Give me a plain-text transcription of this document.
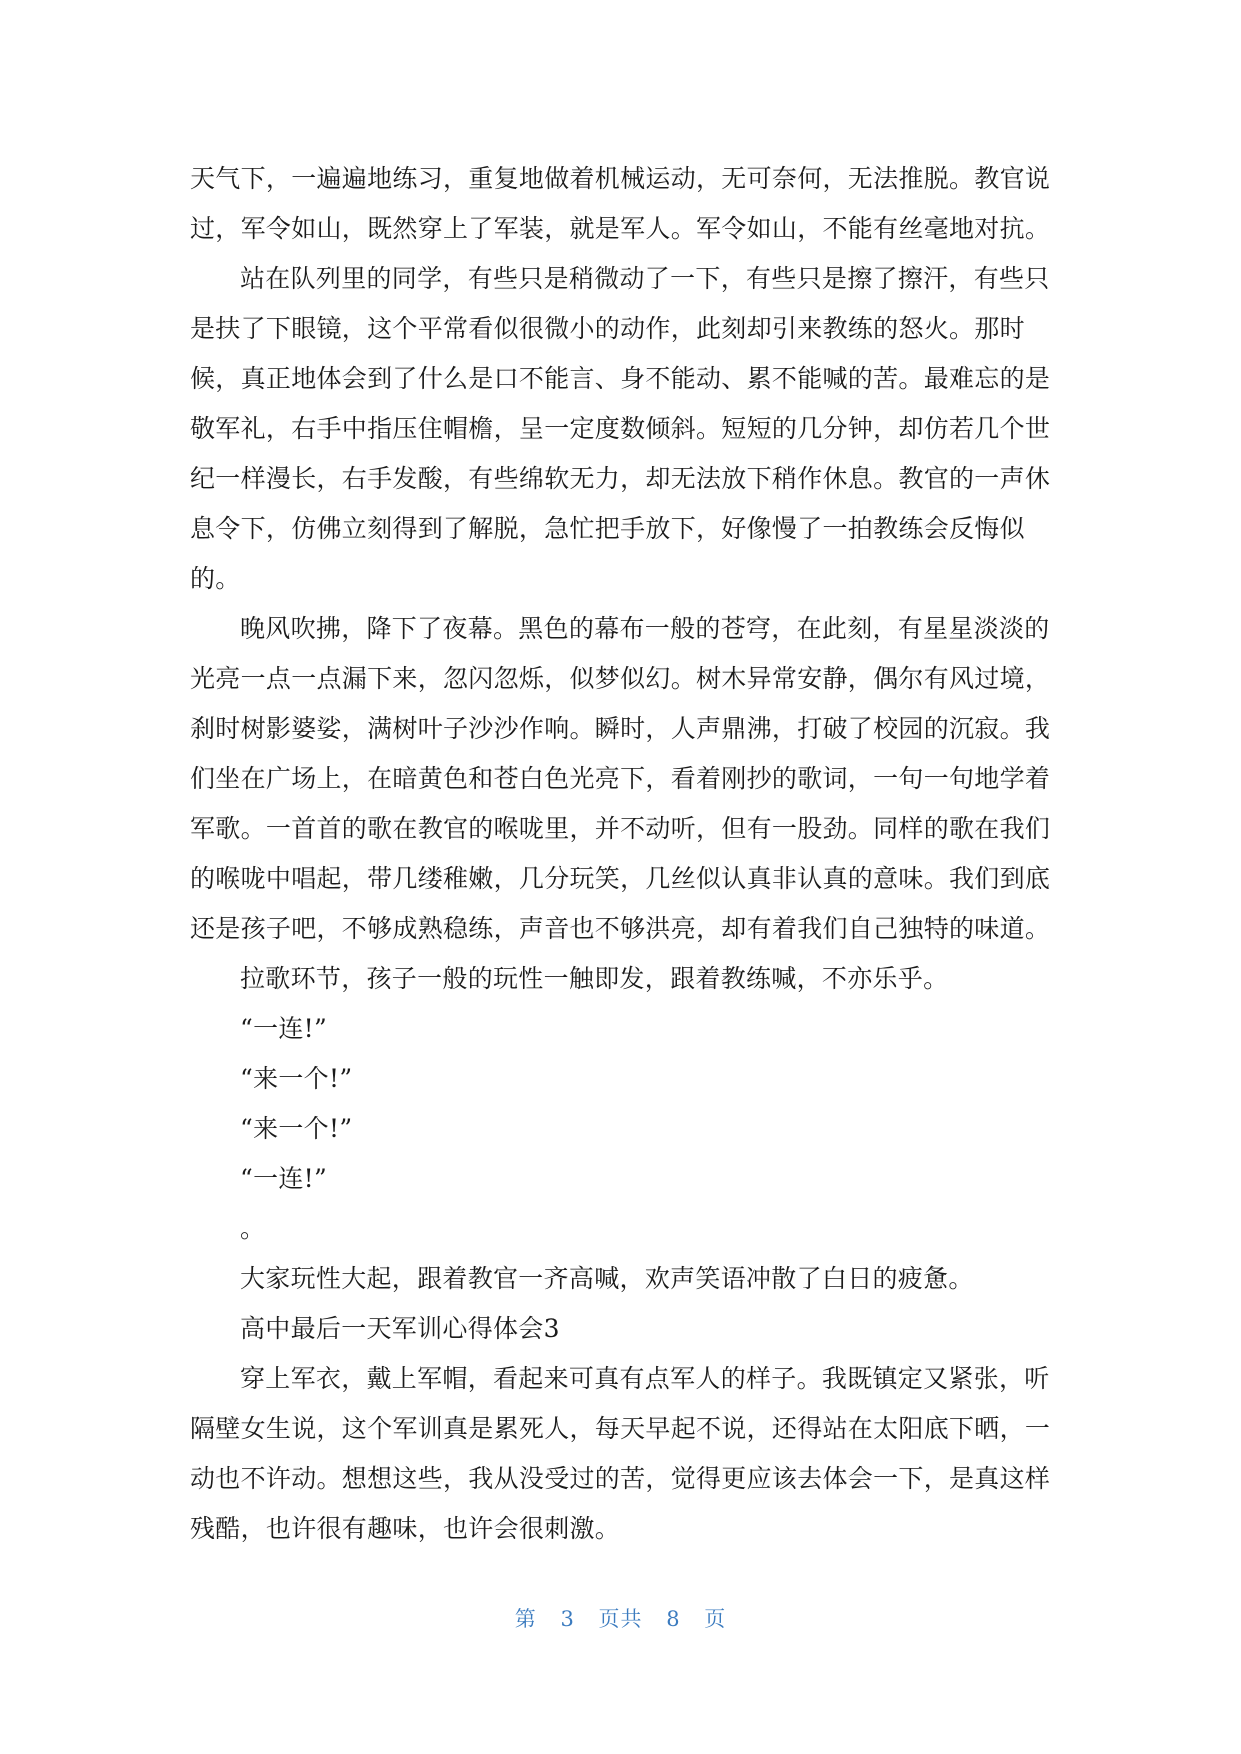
天气下，一遍遍地练习，重复地做着机械运动，无可奈何，无法推脱。教官说
过，军令如山，既然穿上了军装，就是军人。军令如山，不能有丝毫地对抗。
站在队列里的同学，有些只是稍微动了一下，有些只是擦了擦汗，有些只
是扶了下眼镜，这个平常看似很微小的动作，此刻却引来教练的怒火。那时
候，真正地体会到了什么是口不能言、身不能动、累不能喊的苦。最难忘的是
敬军礼，右手中指压住帽檐，呈一定度数倾斜。短短的几分钟，却仿若几个世
纪一样漫长，右手发酸，有些绵软无力，却无法放下稍作休息。教官的一声休
息令下，仿佛立刻得到了解脱，急忙把手放下，好像慢了一拍教练会反悔似
的。
晚风吹拂，降下了夜幕。黑色的幕布一般的苍穹，在此刻，有星星淡淡的
光亮一点一点漏下来，忽闪忽烁，似梦似幻。树木异常安静，偶尔有风过境，
刹时树影婆娑，满树叶子沙沙作响。瞬时，人声鼎沸，打破了校园的沉寂。我
们坐在广场上，在暗黄色和苍白色光亮下，看着刚抄的歌词，一句一句地学着
军歌。一首首的歌在教官的喉咙里，并不动听，但有一股劲。同样的歌在我们
的喉咙中唱起，带几缕稚嫩，几分玩笑，几丝似认真非认真的意味。我们到底
还是孩子吧，不够成熟稳练，声音也不够洪亮，却有着我们自己独特的味道。
拉歌环节，孩子一般的玩性一触即发，跟着教练喊，不亦乐乎。
“一连!”
“来一个!”
“来一个!”
“一连!”
。
大家玩性大起，跟着教官一齐高喊，欢声笑语冲散了白日的疲惫。
高中最后一天军训心得体会3
穿上军衣，戴上军帽，看起来可真有点军人的样子。我既镇定又紧张，听
隔壁女生说，这个军训真是累死人，每天早起不说，还得站在太阳底下晒，一
动也不许动。想想这些，我从没受过的苦，觉得更应该去体会一下，是真这样
残酷，也许很有趣味，也许会很刺激。
第 3 页共 8 页
